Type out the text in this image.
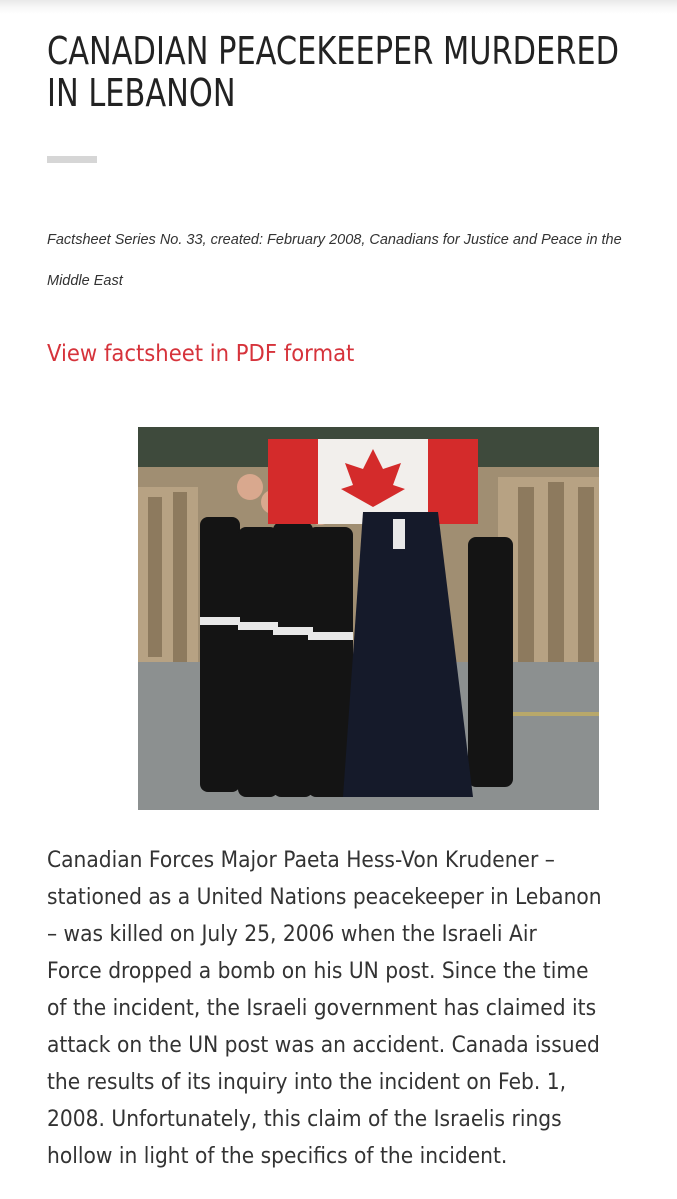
CANADIAN PEACEKEEPER MURDERED IN LEBANON

Factsheet Series No. 33, created: February 2008, Canadians for Justice and Peace in the Middle East

View factsheet in PDF format

Canadian Forces Major Paeta Hess-Von Krudener –
stationed as a United Nations peacekeeper in Lebanon
– was killed on July 25, 2006 when the Israeli Air
Force dropped a bomb on his UN post. Since the time
of the incident, the Israeli government has claimed its
attack on the UN post was an accident. Canada issued
the results of its inquiry into the incident on Feb. 1,
2008. Unfortunately, this claim of the Israelis rings
hollow in light of the specifics of the incident.
